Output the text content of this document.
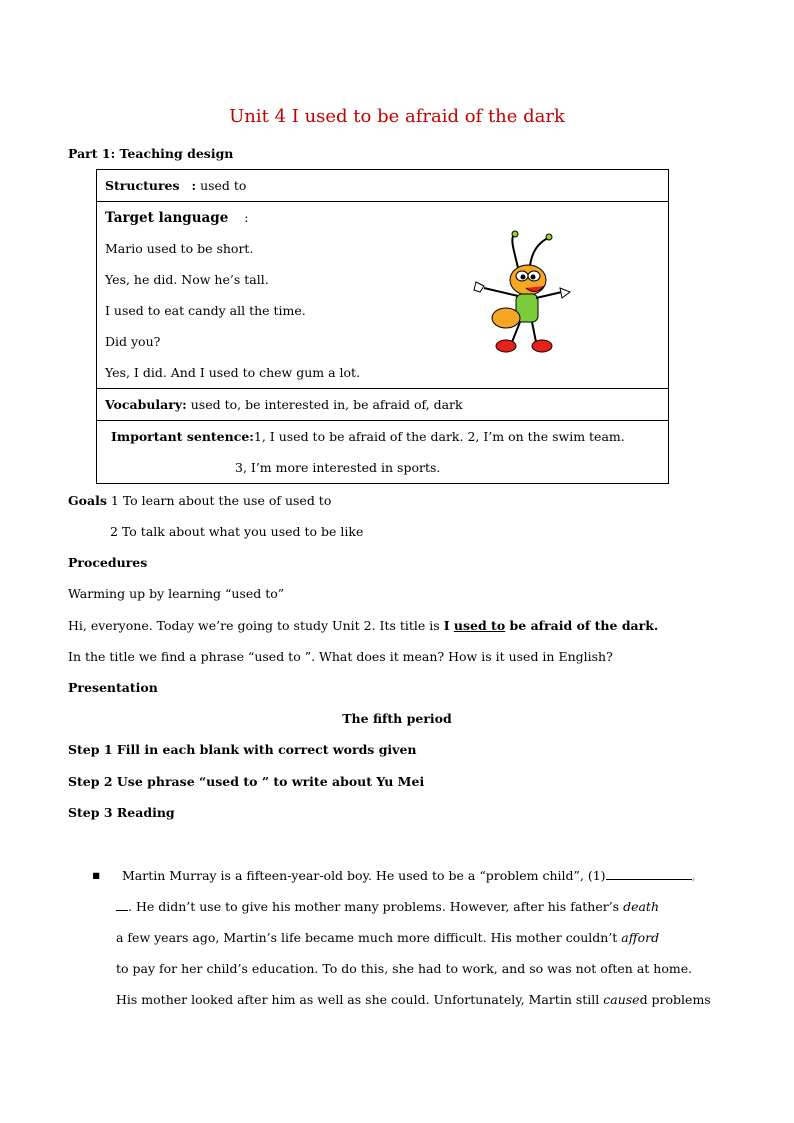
Unit 4 I used to be afraid of the dark
Part 1: Teaching design
Structures : used to

Target language :
Mario used to be short.
Yes, he did. Now he’s tall.
I used to eat candy all the time.
Did you?
Yes, I did. And I used to chew gum a lot.

Vocabulary: used to, be interested in, be afraid of, dark

Important sentence:1, I used to be afraid of the dark. 2, I’m on the swim team.
3, I’m more interested in sports.
Goals 1 To learn about the use of used to
2 To talk about what you used to be like
Procedures
Warming up by learning “used to”
Hi, everyone. Today we’re going to study Unit 2. Its title is I used to be afraid of the dark.
In the title we find a phrase “used to ”. What does it mean? How is it used in English?
Presentation
The fifth period
Step 1 Fill in each blank with correct words given
Step 2 Use phrase “used to ” to write about Yu Mei
Step 3 Reading
▪ Martin Murray is a fifteen-year-old boy. He used to be a “problem child”, (1)	,
. He didn’t use to give his mother many problems. However, after his father’s death
a few years ago, Martin’s life became much more difficult. His mother couldn’t afford
to pay for her child’s education. To do this, she had to work, and so was not often at home.
His mother looked after him as well as she could. Unfortunately, Martin still caused problems
